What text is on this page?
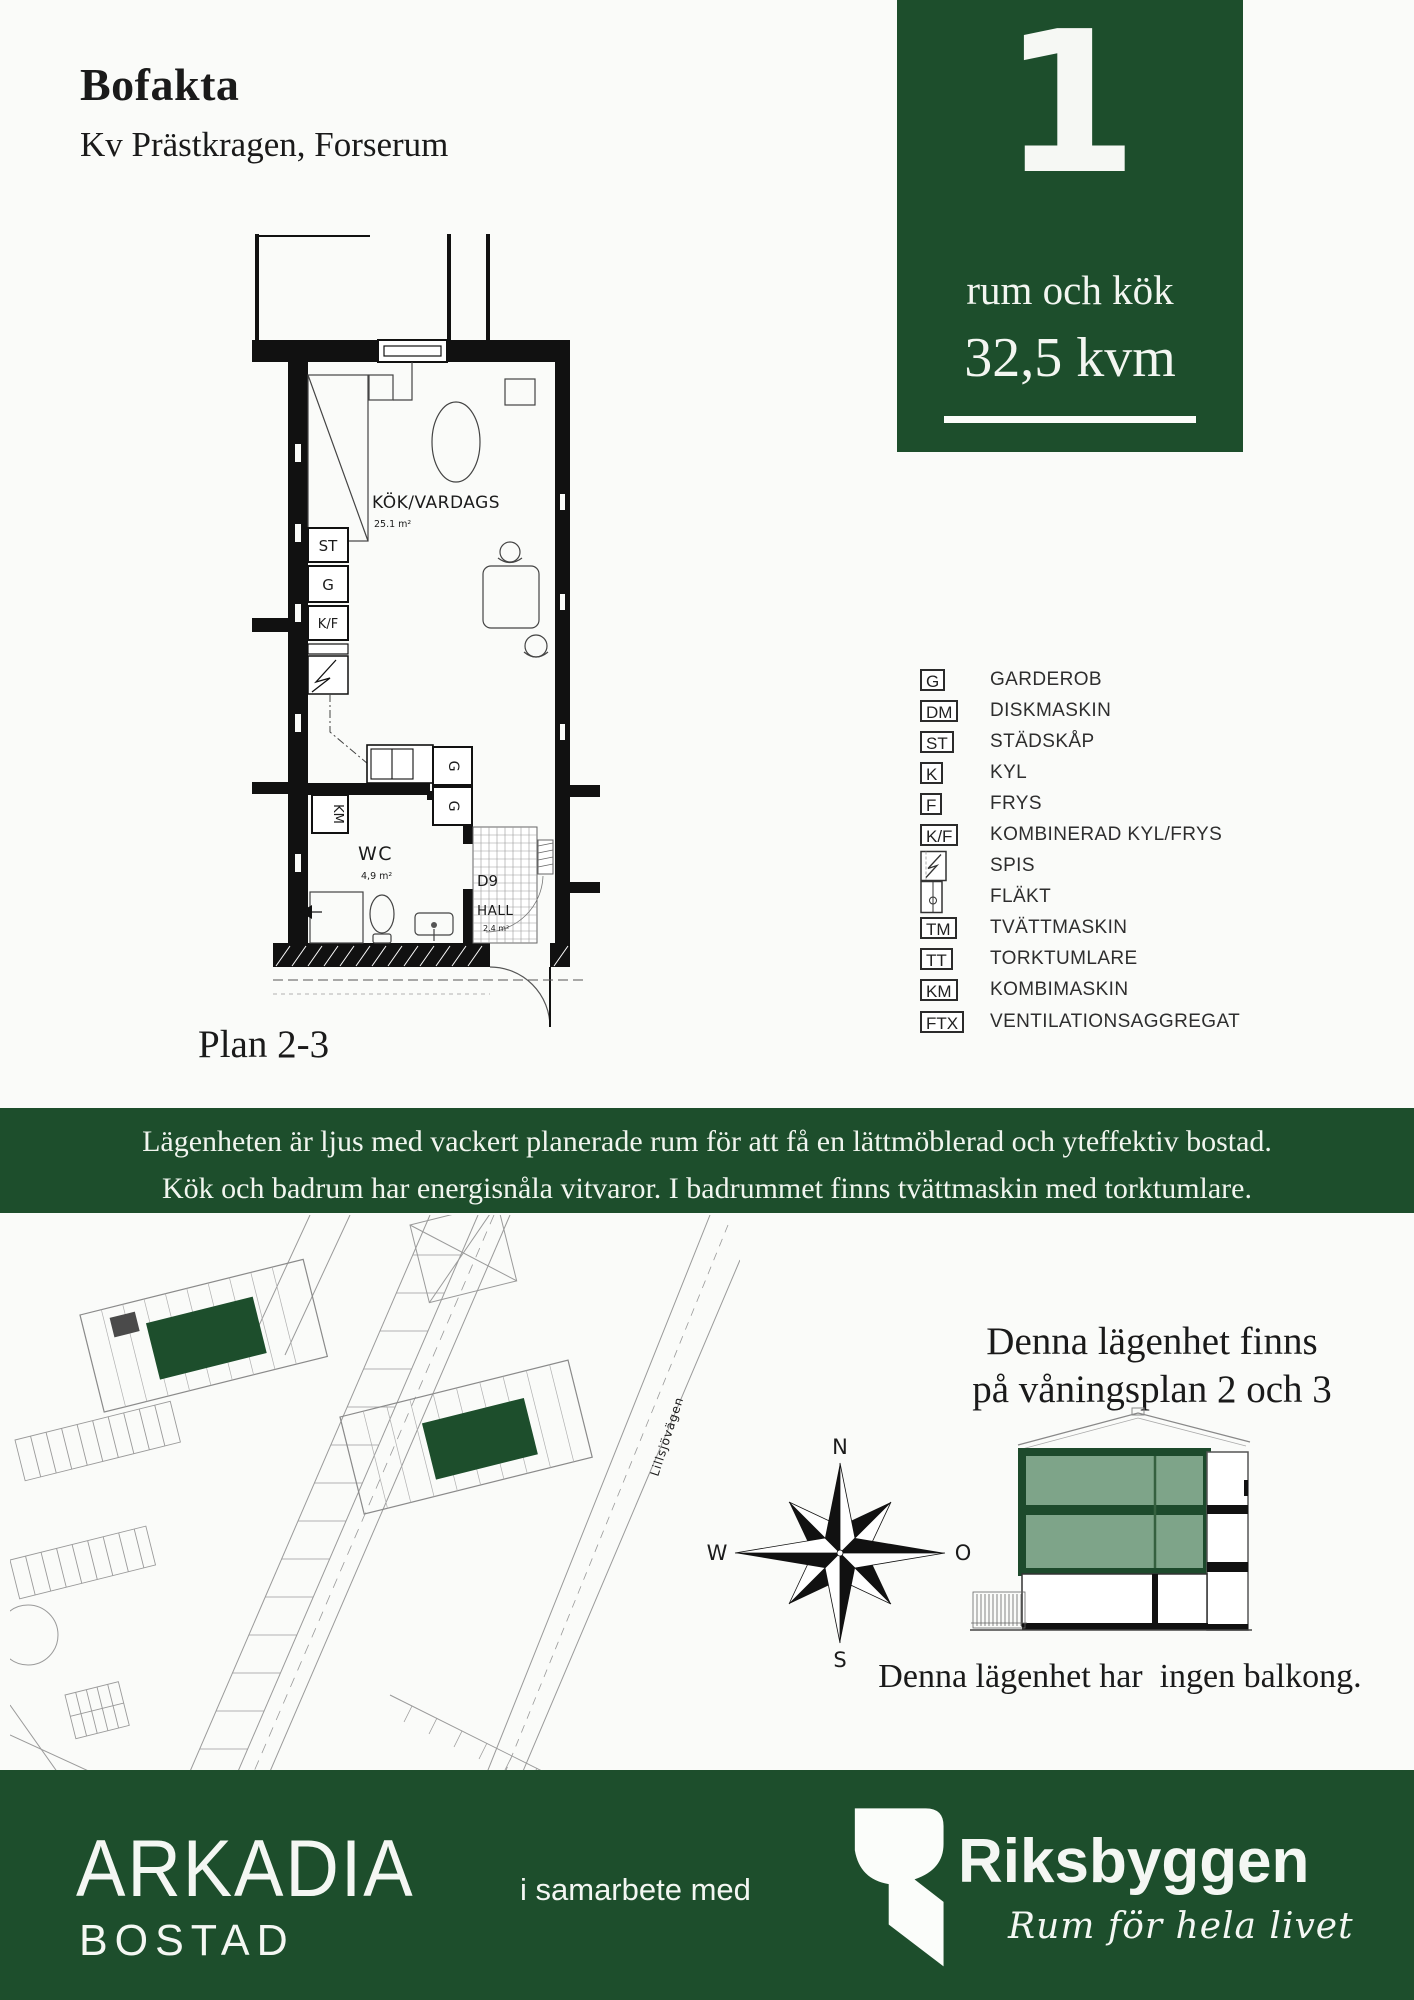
Bofakta
Kv Prästkragen, Forserum	1
rum och kök
32,5 kvm
KÖK/VARDAGS
25.1 m²
ST
G
K/F
G
G
KM
WC
4,9 m²	D9
HALL
2.4 m²
Plan 2-3
G	GARDEROB
DM	DISKMASKIN
ST	STÄDSKÅP
K	KYL
F	FRYS
K/F	KOMBINERAD KYL/FRYS
SPIS
FLÄKT
TM	TVÄTTMASKIN
TT	TORKTUMLARE
KM	KOMBIMASKIN
FTX	VENTILATIONSAGGREGAT

Lägenheten är ljus med vackert planerade rum för att få en lättmöblerad och yteffektiv bostad.

Kök och badrum har energisnåla vitvaror. I badrummet finns tvättmaskin med torktumlare.

Lillsjövägen	N
S
W	O
Denna lägenhet finns
på våningsplan 2 och 3
Denna lägenhet har  ingen balkong.
ARKADIA
BOSTAD
i samarbete med	Riksbyggen
Rum för hela livet
